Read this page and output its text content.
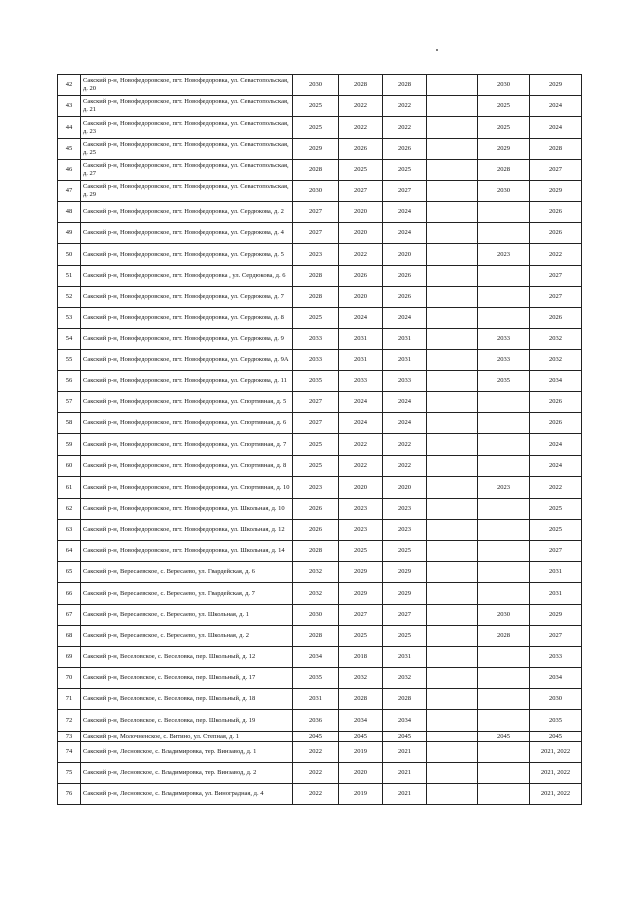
42	Сакский р-н, Новофедоровское, пгт. Новофедоровка, ул. Севастопольская, д. 20	2030	2028	2028		2030	2029
43	Сакский р-н, Новофедоровское, пгт. Новофедоровка, ул. Севастопольская, д. 21	2025	2022	2022		2025	2024
44	Сакский р-н, Новофедоровское, пгт. Новофедоровка, ул. Севастопольская, д. 23	2025	2022	2022		2025	2024
45	Сакский р-н, Новофедоровское, пгт. Новофедоровка, ул. Севастопольская, д. 25	2029	2026	2026		2029	2028
46	Сакский р-н, Новофедоровское, пгт. Новофедоровка, ул. Севастопольская, д. 27	2028	2025	2025		2028	2027
47	Сакский р-н, Новофедоровское, пгт. Новофедоровка, ул. Севастопольская, д. 29	2030	2027	2027		2030	2029
48	Сакский р-н, Новофедоровское, пгт. Новофедоровка, ул. Сердюкова, д. 2	2027	2020	2024			2026
49	Сакский р-н, Новофедоровское, пгт. Новофедоровка, ул. Сердюкова, д. 4	2027	2020	2024			2026
50	Сакский р-н, Новофедоровское, пгт. Новофедоровка, ул. Сердюкова, д. 5	2023	2022	2020		2023	2022
51	Сакский р-н, Новофедоровское, пгт. Новофедоровка , ул. Сердюкова, д. 6	2028	2026	2026			2027
52	Сакский р-н, Новофедоровское, пгт. Новофедоровка, ул. Сердюкова, д. 7	2028	2020	2026			2027
53	Сакский р-н, Новофедоровское, пгт. Новофедоровка, ул. Сердюкова, д. 8	2025	2024	2024			2026
54	Сакский р-н, Новофедоровское, пгт. Новофедоровка, ул. Сердюкова, д. 9	2033	2031	2031		2033	2032
55	Сакский р-н, Новофедоровское, пгт. Новофедоровка, ул. Сердюкова, д. 9А	2033	2031	2031		2033	2032
56	Сакский р-н, Новофедоровское, пгт. Новофедоровка, ул. Сердюкова, д. 11	2035	2033	2033		2035	2034
57	Сакский р-н, Новофедоровское, пгт. Новофедоровка, ул. Спортивная, д. 5	2027	2024	2024			2026
58	Сакский р-н, Новофедоровское, пгт. Новофедоровка, ул. Спортивная, д. 6	2027	2024	2024			2026
59	Сакский р-н, Новофедоровское, пгт. Новофедоровка, ул. Спортивная, д. 7	2025	2022	2022			2024
60	Сакский р-н, Новофедоровское, пгт. Новофедоровка, ул. Спортивная, д. 8	2025	2022	2022			2024
61	Сакский р-н, Новофедоровское, пгт. Новофедоровка, ул. Спортивная, д. 10	2023	2020	2020		2023	2022
62	Сакский р-н, Новофедоровское, пгт. Новофедоровка, ул. Школьная, д. 10	2026	2023	2023			2025
63	Сакский р-н, Новофедоровское, пгт. Новофедоровка, ул. Школьная, д. 12	2026	2023	2023			2025
64	Сакский р-н, Новофедоровское, пгт. Новофедоровка, ул. Школьная, д. 14	2028	2025	2025			2027
65	Сакский р-н, Вересаевское, с. Вересаево, ул. Гвардейская, д. 6	2032	2029	2029			2031
66	Сакский р-н, Вересаевское, с. Вересаево, ул. Гвардейская, д. 7	2032	2029	2029			2031
67	Сакский р-н, Вересаевское, с. Вересаево, ул. Школьная, д. 1	2030	2027	2027		2030	2029
68	Сакский р-н, Вересаевское, с. Вересаево, ул. Школьная, д. 2	2028	2025	2025		2028	2027
69	Сакский р-н, Веселовское, с. Веселовка, пер. Школьный, д. 12	2034	2018	2031			2033
70	Сакский р-н, Веселовское, с. Веселовка, пер. Школьный, д. 17	2035	2032	2032			2034
71	Сакский р-н, Веселовское, с. Веселовка, пер. Школьный, д. 18	2031	2028	2028			2030
72	Сакский р-н, Веселовское, с. Веселовка, пер. Школьный, д. 19	2036	2034	2034			2035
73	Сакский р-н, Молочненское, с. Витино, ул. Степная, д. 1	2045	2045	2045		2045	2045
74	Сакский р-н, Лесновское, с. Владимировка, тер. Винзавод, д. 1	2022	2019	2021			2021, 2022
75	Сакский р-н, Лесновское, с. Владимировка, тер. Винзавод, д. 2	2022	2020	2021			2021, 2022
76	Сакский р-н, Лесновское, с. Владимировка, ул. Виноградная, д. 4	2022	2019	2021			2021, 2022
